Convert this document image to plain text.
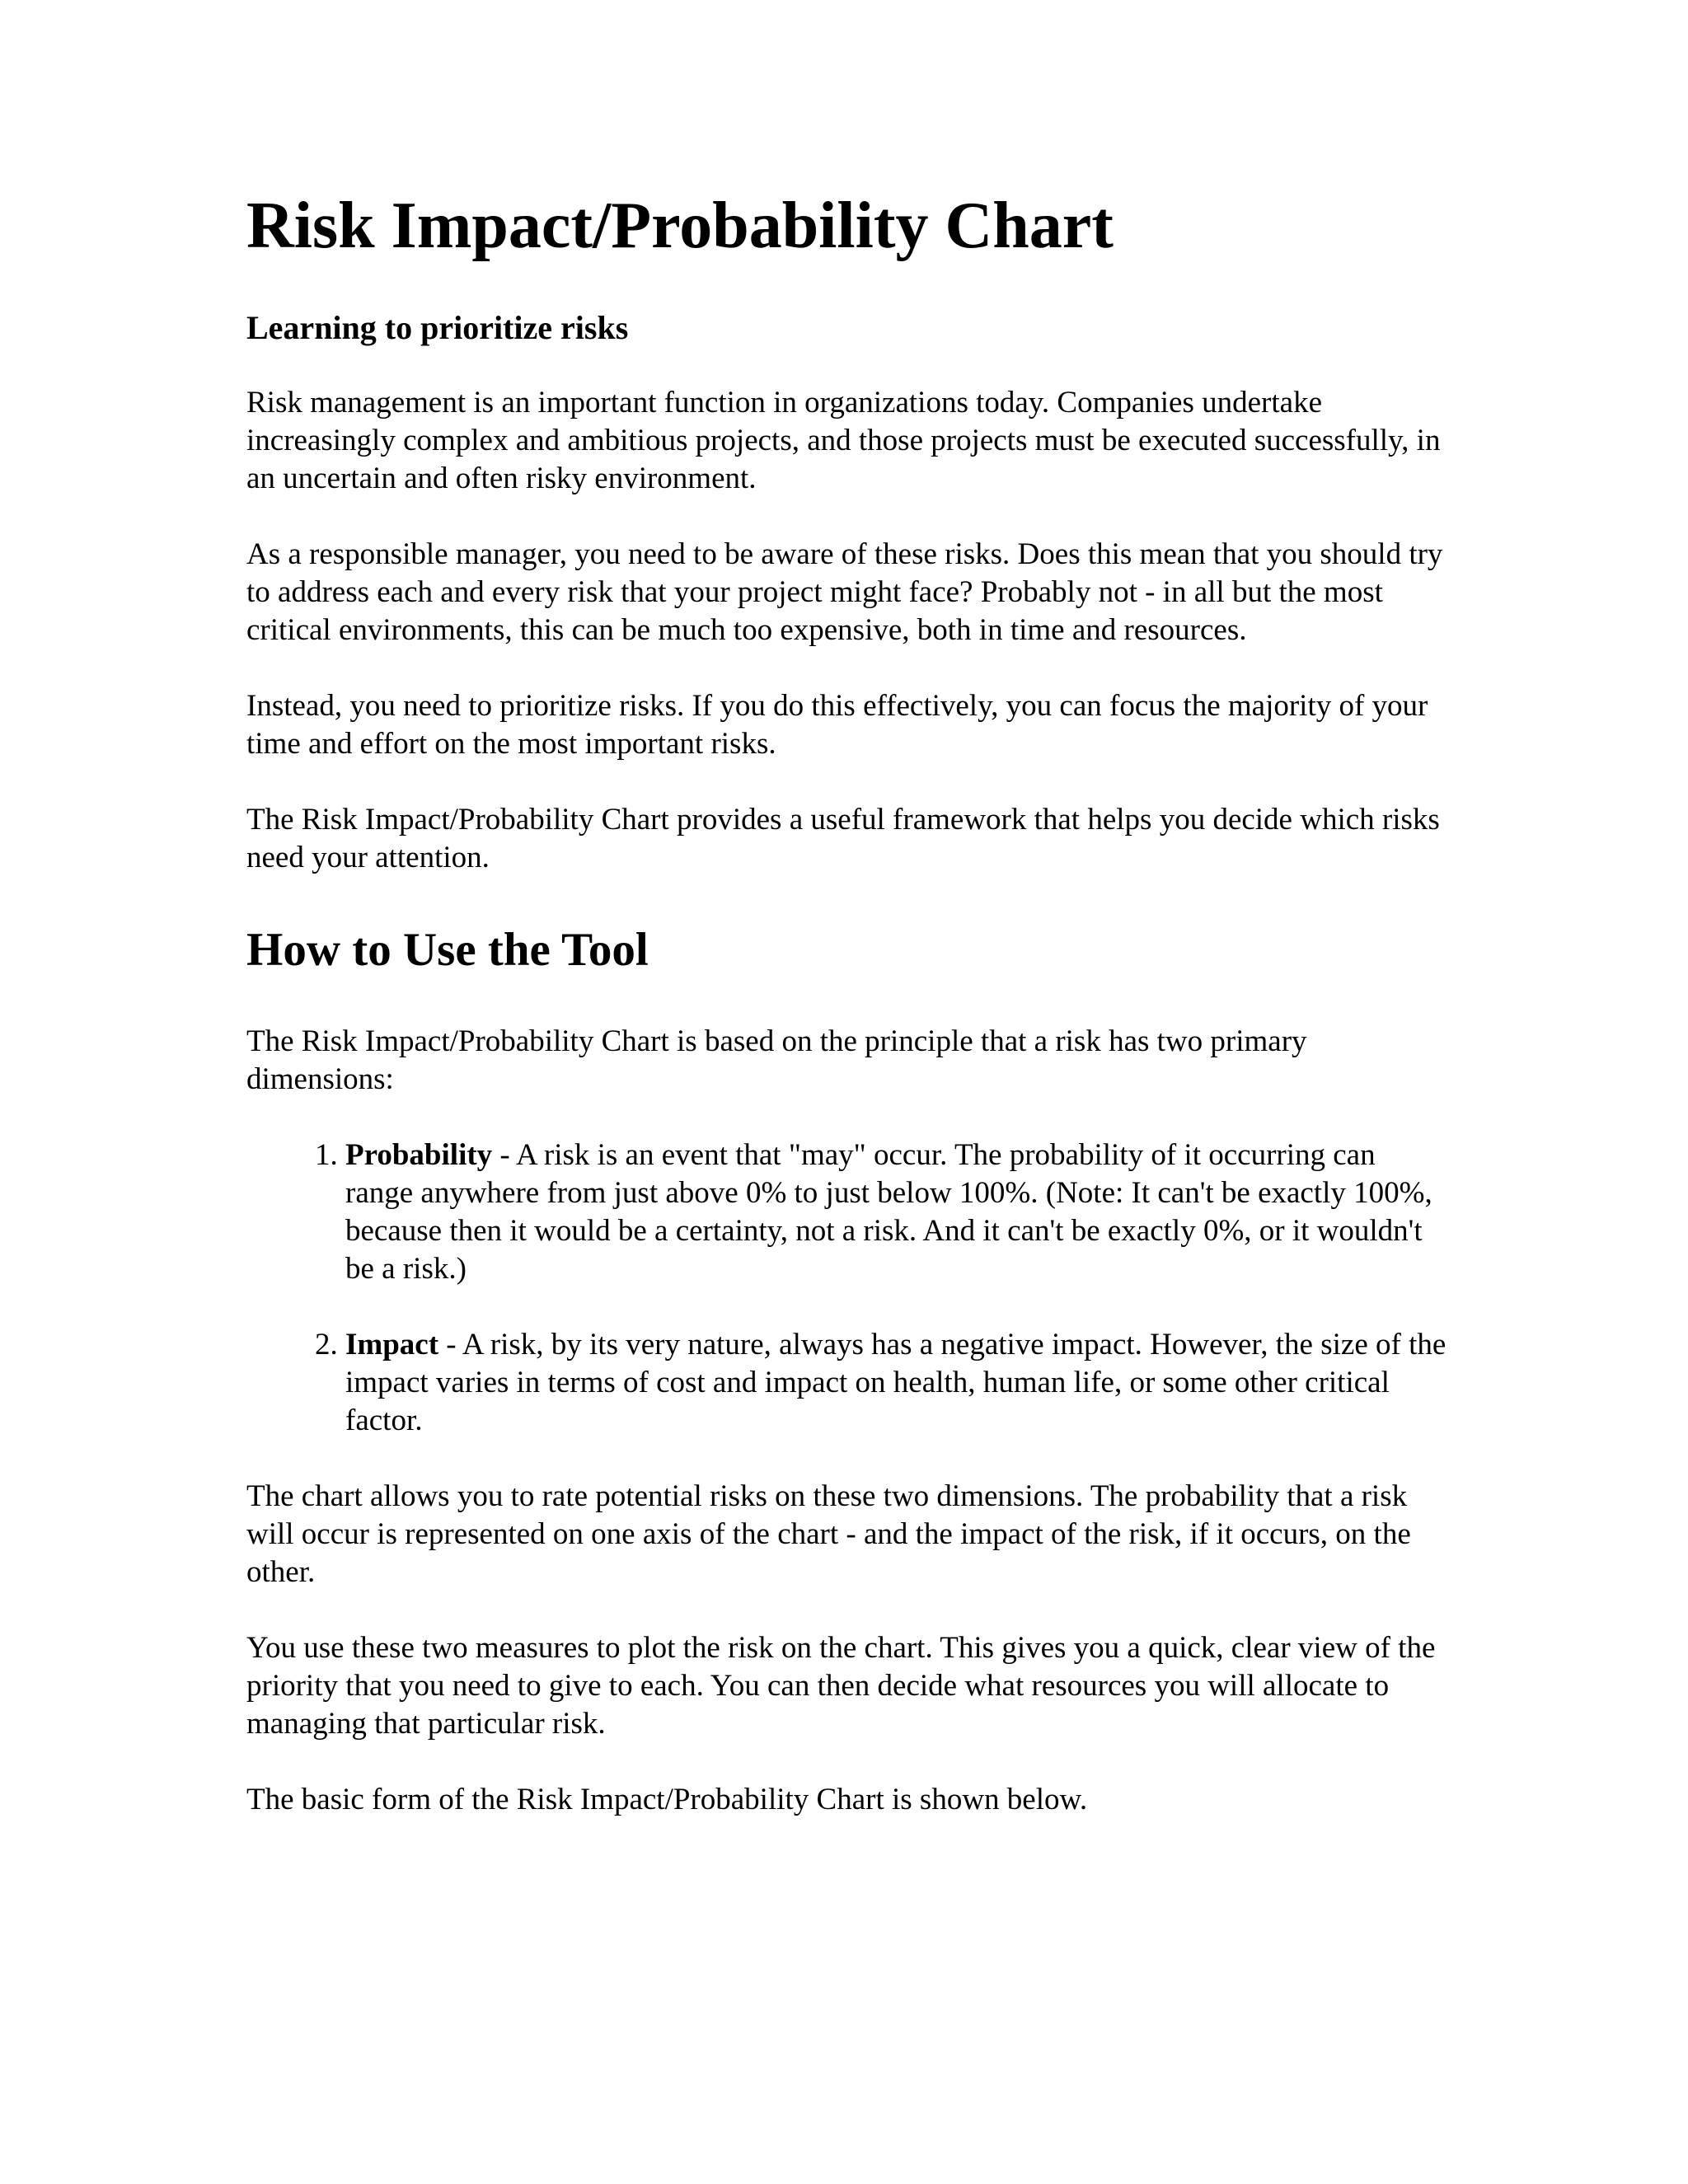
Risk Impact/Probability Chart
Learning to prioritize risks

Risk management is an important function in organizations today. Companies undertake increasingly complex and ambitious projects, and those projects must be executed successfully, in an uncertain and often risky environment.

As a responsible manager, you need to be aware of these risks. Does this mean that you should try to address each and every risk that your project might face? Probably not - in all but the most critical environments, this can be much too expensive, both in time and resources.

Instead, you need to prioritize risks. If you do this effectively, you can focus the majority of your time and effort on the most important risks.

The Risk Impact/Probability Chart provides a useful framework that helps you decide which risks need your attention.

How to Use the Tool

The Risk Impact/Probability Chart is based on the principle that a risk has two primary dimensions:

1. Probability - A risk is an event that "may" occur. The probability of it occurring can range anywhere from just above 0% to just below 100%. (Note: It can't be exactly 100%, because then it would be a certainty, not a risk. And it can't be exactly 0%, or it wouldn't be a risk.)
2. Impact - A risk, by its very nature, always has a negative impact. However, the size of the impact varies in terms of cost and impact on health, human life, or some other critical factor.

The chart allows you to rate potential risks on these two dimensions. The probability that a risk will occur is represented on one axis of the chart - and the impact of the risk, if it occurs, on the other.

You use these two measures to plot the risk on the chart. This gives you a quick, clear view of the priority that you need to give to each. You can then decide what resources you will allocate to managing that particular risk.

The basic form of the Risk Impact/Probability Chart is shown below.
